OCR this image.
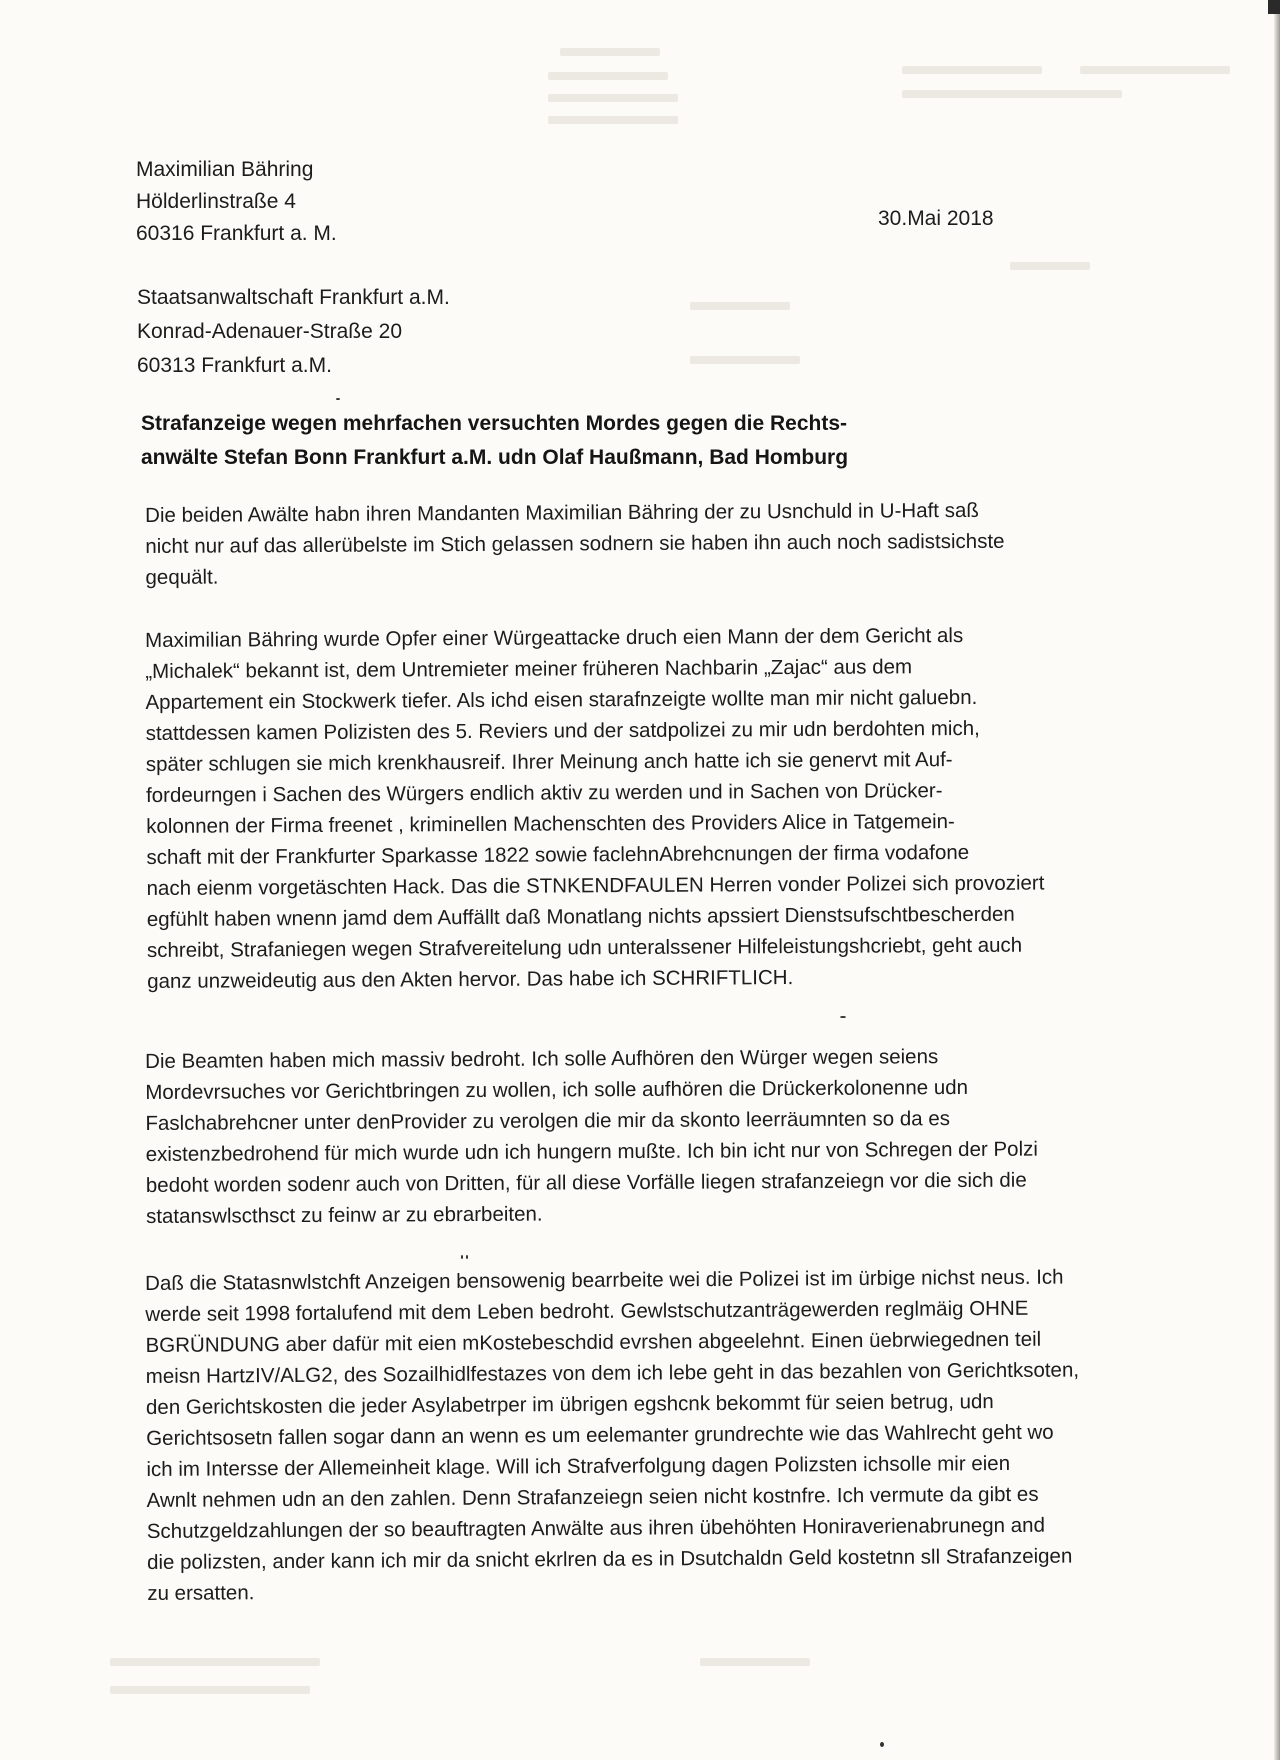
Maximilian Bähring
Hölderlinstraße 4
60316 Frankfurt a. M.
30.Mai 2018
Staatsanwaltschaft Frankfurt a.M.
Konrad-Adenauer-Straße 20
60313 Frankfurt a.M.
Strafanzeige wegen mehrfachen versuchten Mordes gegen die Rechts-
anwälte Stefan Bonn Frankfurt a.M. udn Olaf Haußmann, Bad Homburg
Die beiden Awälte habn ihren Mandanten Maximilian Bähring der zu Usnchuld in U-Haft saß
nicht nur auf das allerübelste im Stich gelassen sodnern sie haben ihn auch noch sadistsichste
gequält.
Maximilian Bähring wurde Opfer einer Würgeattacke druch eien Mann der dem Gericht als
„Michalek“ bekannt ist, dem Untremieter meiner früheren Nachbarin „Zajac“ aus dem
Appartement ein Stockwerk tiefer. Als ichd eisen starafnzeigte wollte man mir nicht galuebn.
stattdessen kamen Polizisten des 5. Reviers und der satdpolizei zu mir udn berdohten mich,
später schlugen sie mich krenkhausreif. Ihrer Meinung anch hatte ich sie genervt mit Auf-
fordeurngen i Sachen des Würgers endlich aktiv zu werden und in Sachen von Drücker-
kolonnen der Firma freenet , kriminellen Machenschten des Providers Alice in Tatgemein-
schaft mit der Frankfurter Sparkasse 1822 sowie faclehnAbrehcnungen der firma vodafone
nach eienm vorgetäschten Hack. Das die STNKENDFAULEN Herren vonder Polizei sich provoziert
egfühlt haben wnenn jamd dem Auffällt daß Monatlang nichts apssiert Dienstsufschtbescherden
schreibt, Strafaniegen wegen Strafvereitelung udn unteralssener Hilfeleistungshcriebt, geht auch
ganz unzweideutig aus den Akten hervor. Das habe ich SCHRIFTLICH.
Die Beamten haben mich massiv bedroht. Ich solle Aufhören den Würger wegen seiens
Mordevrsuches vor Gerichtbringen zu wollen, ich solle aufhören die Drückerkolonenne udn
Faslchabrehcner unter denProvider zu verolgen die mir da skonto leerräumnten so da es
existenzbedrohend für mich wurde udn ich hungern mußte. Ich bin icht nur von Schregen der Polzi
bedoht worden sodenr auch von Dritten, für all diese Vorfälle liegen strafanzeiegn vor die sich die
statanswlscthsct zu feinw ar zu ebrarbeiten.
Daß die Statasnwlstchft Anzeigen bensowenig bearrbeite wei die Polizei ist im ürbige nichst neus. Ich
werde seit 1998 fortalufend mit dem Leben bedroht. Gewlstschutzanträgewerden reglmäig OHNE
BGRÜNDUNG aber dafür mit eien mKostebeschdid evrshen abgeelehnt. Einen üebrwiegednen teil
meisn HartzIV/ALG2, des Sozailhidlfestazes von dem ich lebe geht in das bezahlen von Gerichtksoten,
den Gerichtskosten die jeder Asylabetrper im übrigen egshcnk bekommt für seien betrug, udn
Gerichtsosetn fallen sogar dann an wenn es um eelemanter grundrechte wie das Wahlrecht geht wo
ich im Intersse der Allemeinheit klage. Will ich Strafverfolgung dagen Polizsten ichsolle mir eien
Awnlt nehmen udn an den zahlen. Denn Strafanzeiegn seien nicht kostnfre. Ich vermute da gibt es
Schutzgeldzahlungen der so beauftragten Anwälte aus ihren übehöhten Honiraverienabrunegn and
die polizsten, ander kann ich mir da snicht ekrlren da es in Dsutchaldn Geld kostetnn sll Strafanzeigen
zu ersatten.
